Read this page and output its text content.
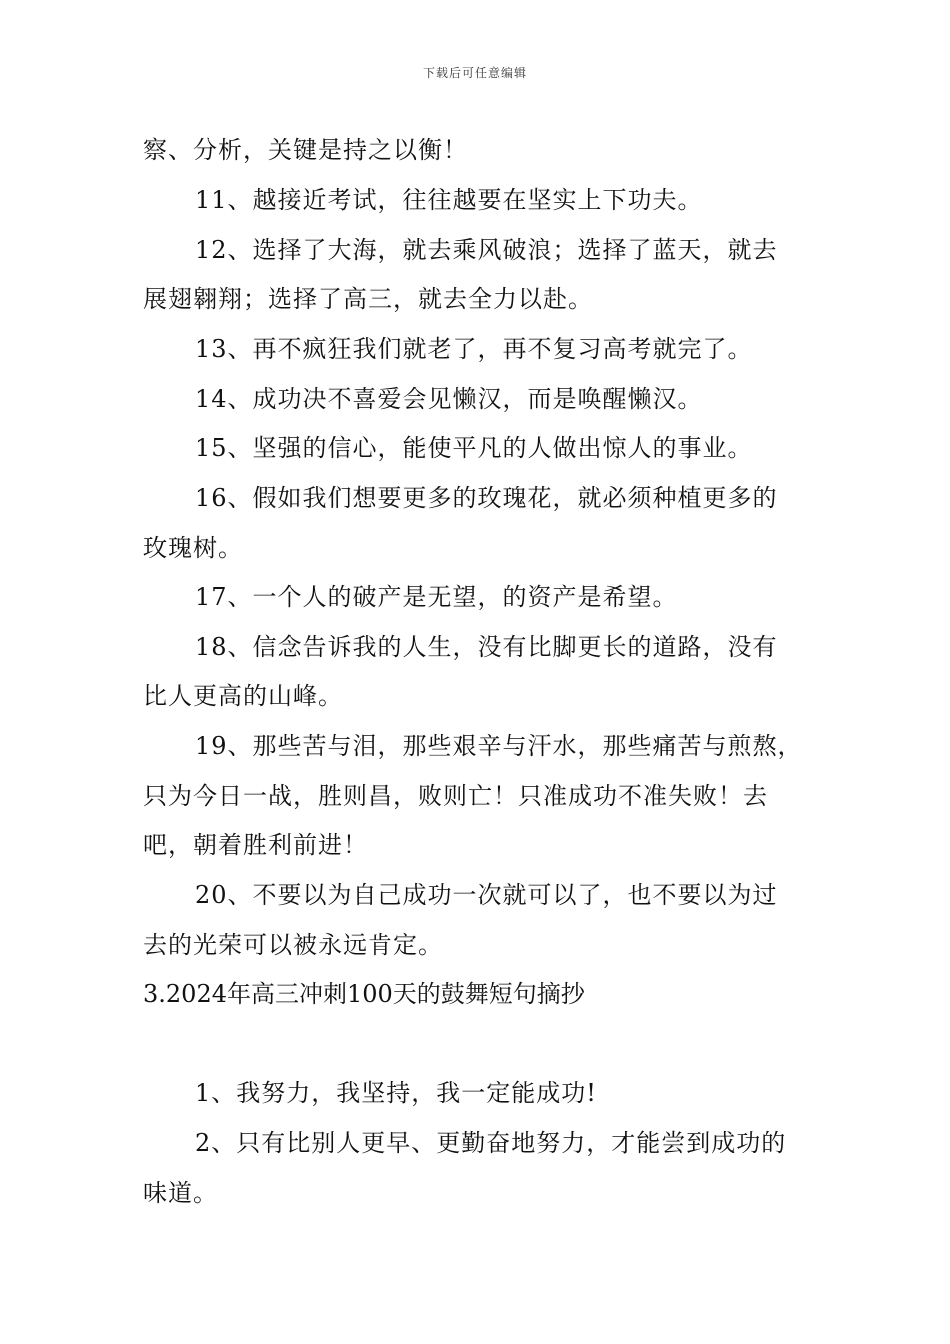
下载后可任意编辑
察、分析，关键是持之以衡！
11、越接近考试，往往越要在坚实上下功夫。
12、选择了大海，就去乘风破浪；选择了蓝天，就去
展翅翱翔；选择了高三，就去全力以赴。
13、再不疯狂我们就老了，再不复习高考就完了。
14、成功决不喜爱会见懒汉，而是唤醒懒汉。
15、坚强的信心，能使平凡的人做出惊人的事业。
16、假如我们想要更多的玫瑰花，就必须种植更多的
玫瑰树。
17、一个人的破产是无望，的资产是希望。
18、信念告诉我的人生，没有比脚更长的道路，没有
比人更高的山峰。
19、那些苦与泪，那些艰辛与汗水，那些痛苦与煎熬，
只为今日一战，胜则昌，败则亡！只准成功不准失败！去
吧，朝着胜利前进！
20、不要以为自己成功一次就可以了，也不要以为过
去的光荣可以被永远肯定。
3.2024年高三冲刺100天的鼓舞短句摘抄
1、我努力，我坚持，我一定能成功!
2、只有比别人更早、更勤奋地努力，才能尝到成功的
味道。
